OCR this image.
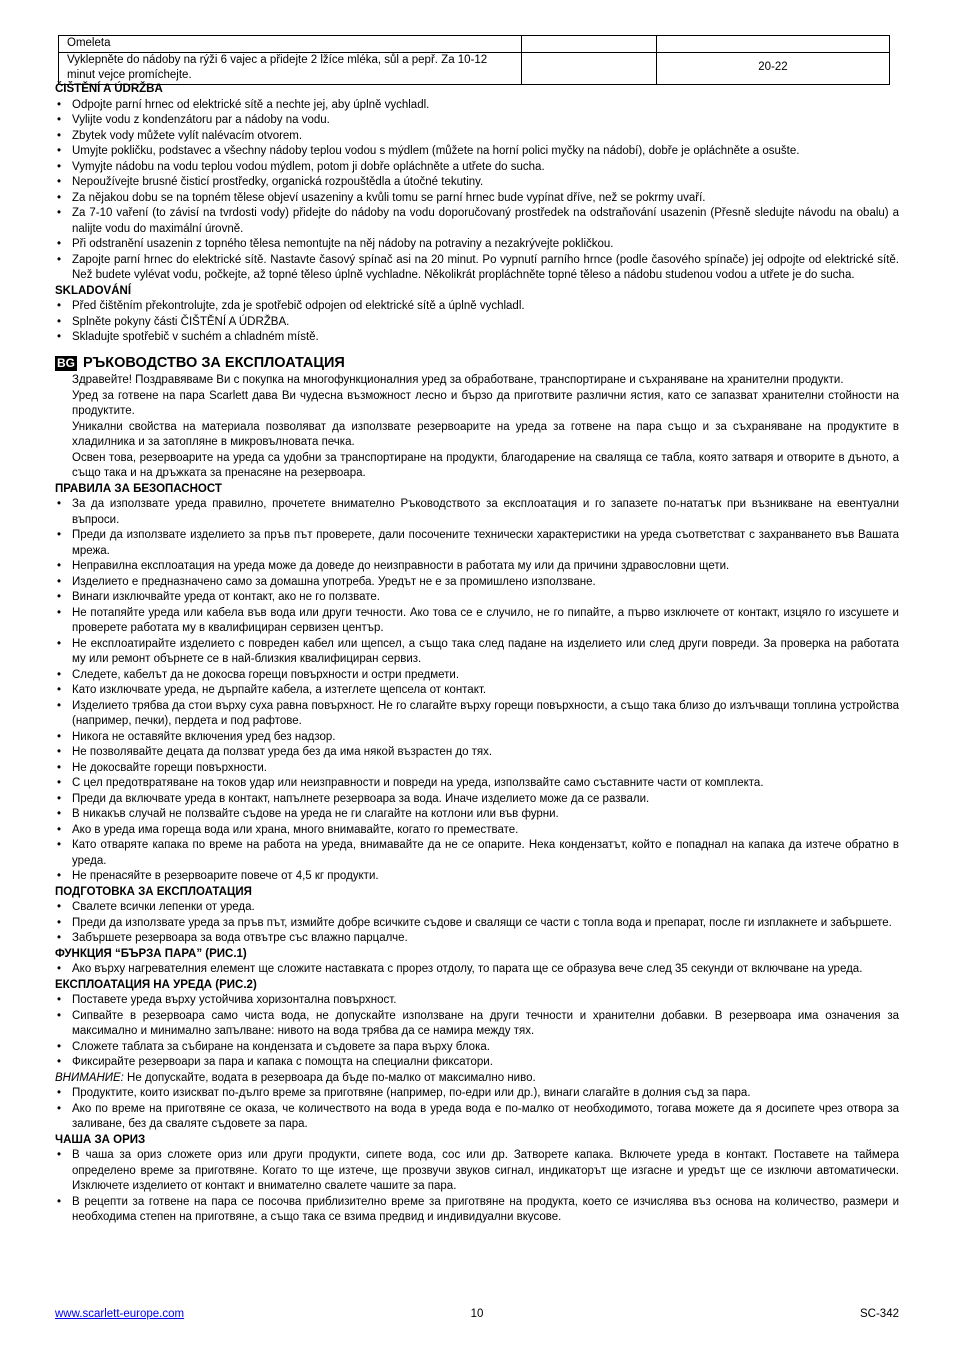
Omeleta		
Vyklepněte do nádoby na rýži 6 vajec a přidejte 2 lžíce mléka, sůl a pepř. Za 10-12 minut vejce promíchejte.		20-22

ČIŠTĚNÍ A ÚDRŽBA

• Odpojte parní hrnec od elektrické sítě a nechte jej, aby úplně vychladl.
• Vylijte vodu z kondenzátoru par a nádoby na vodu.
• Zbytek vody můžete vylít nalévacím otvorem.
• Umyjte pokličku, podstavec a všechny nádoby teplou vodou s mýdlem (můžete na horní polici myčky na nádobí), dobře je opláchněte a osušte.
• Vymyjte nádobu na vodu teplou vodou mýdlem, potom ji dobře opláchněte a utřete do sucha.
• Nepoužívejte brusné čisticí prostředky, organická rozpouštědla a útočné tekutiny.
• Za nějakou dobu se na topném tělese objeví usazeniny a kvůli tomu se parní hrnec bude vypínat dříve, než se pokrmy uvaří.
• Za 7-10 vaření (to závisí na tvrdosti vody) přidejte do nádoby na vodu doporučovaný prostředek na odstraňování usazenin (Přesně sledujte návodu na obalu) a nalijte vodu do maximální úrovně.
• Při odstranění usazenin z topného tělesa nemontujte na něj nádoby na potraviny a nezakrývejte pokličkou.
• Zapojte parní hrnec do elektrické sítě. Nastavte časový spínač asi na 20 minut. Po vypnutí parního hrnce (podle časového spínače) jej odpojte od elektrické sítě. Než budete vylévat vodu, počkejte, až topné těleso úplně vychladne. Několikrát propláchněte topné těleso a nádobu studenou vodou a utřete je do sucha.

SKLADOVÁNÍ

• Před čištěním překontrolujte, zda je spotřebič odpojen od elektrické sítě a úplně vychladl.
• Splněte pokyny části ČIŠTĚNÍ A ÚDRŽBA.
• Skladujte spotřebič v suchém a chladném místě.
BG РЪКОВОДСТВО ЗА ЕКСПЛОАТАЦИЯ

Здравейте! Поздравяваме Ви с покупка на многофункционалния уред за обработване, транспортиране и съхраняване на хранителни продукти.

Уред за готвене на пара Scarlett дава Ви чудесна възможност лесно и бързо да приготвите различни ястия, като се запазват хранителни стойности на продуктите.

Уникални свойства на материала позволяват да използвате резервоарите на уреда за готвене на пара също и за съхраняване на продуктите в хладилника и за затопляне в микровълновата печка.

Освен това, резервоарите на уреда са удобни за транспортиране на продукти, благодарение на сваляща се табла, която затваря и отворите в дъното, а също така и на дръжката за пренасяне на резервоара.

ПРАВИЛА ЗА БЕЗОПАСНОСТ

• За да използвате уреда правилно, прочетете внимателно Ръководството за експлоатация и го запазете по-нататък при възникване на евентуални въпроси.
• Преди да използвате изделието за пръв път проверете, дали посочените технически характеристики на уреда съответстват с захранването във Вашата мрежа.
• Неправилна експлоатация на уреда може да доведе до неизправности в работата му или да причини здравословни щети.
• Изделието е предназначено само за домашна употреба. Уредът не е за промишлено използване.
• Винаги изключвайте уреда от контакт, ако не го ползвате.
• Не потапяйте уреда или кабела във вода или други течности. Ако това се е случило, не го пипайте, а първо изключете от контакт, изцяло го изсушете и проверете работата му в квалифициран сервизен център.
• Не експлоатирайте изделието с повреден кабел или щепсел, а също така след падане на изделието или след други повреди. За проверка на работата му или ремонт обърнете се в най-близкия квалифициран сервиз.
• Следете, кабелът да не докосва горещи повърхности и остри предмети.
• Като изключвате уреда, не дърпайте кабела, а изтеглете щепсела от контакт.
• Изделието трябва да стои върху суха равна повърхност. Не го слагайте върху горещи повърхности, а също така близо до излъчващи топлина устройства (например, печки), пердета и под рафтове.
• Никога не оставяйте включения уред без надзор.
• Не позволявайте децата да ползват уреда без да има някой възрастен до тях.
• Не докосвайте горещи повърхности.
• С цел предотвратяване на токов удар или неизправности и повреди на уреда, използвайте само съставните части от комплекта.
• Преди да включвате уреда в контакт, напълнете резервоара за вода. Иначе изделието може да се развали.
• В никакъв случай не ползвайте съдове на уреда не ги слагайте на котлони или във фурни.
• Ако в уреда има гореща вода или храна, много внимавайте, когато го премествате.
• Като отваряте капака по време на работа на уреда, внимавайте да не се опарите. Нека кондензатът, който е попаднал на капака да изтече обратно в уреда.
• Не пренасяйте в резервоарите повече от 4,5 кг продукти.

ПОДГОТОВКА ЗА ЕКСПЛОАТАЦИЯ

• Свалете всички лепенки от уреда.
• Преди да използвате уреда за пръв път, измийте добре всичките съдове и свалящи се части с топла вода и препарат, после ги изплакнете и забършете.
• Забършете резервоара за вода отвътре със влажно парцалче.

ФУНКЦИЯ “БЪРЗА ПАРА” (РИС.1)

• Ако върху нагревателния елемент ще сложите наставката с прорез отдолу, то парата ще се образува вече след 35 секунди от включване на уреда.

ЕКСПЛОАТАЦИЯ НА УРЕДА (РИС.2)

• Поставете уреда върху устойчива хоризонтална повърхност.
• Сипвайте в резервоара само чиста вода, не допускайте използване на други течности и хранителни добавки. В резервоара има означения за максимално и минимално запълване: нивото на вода трябва да се намира между тях.
• Сложете таблата за събиране на кондензата и съдовете за пара върху блока.
• Фиксирайте резервоари за пара и капака с помощта на специални фиксатори.

ВНИМАНИЕ: Не допускайте, водата в резервоара да бъде по-малко от максимално ниво.

• Продуктите, които изискват по-дълго време за приготвяне (например, по-едри или др.), винаги слагайте в долния съд за пара.
• Ако по време на приготвяне се оказа, че количеството на вода в уреда вода е по-малко от необходимото, тогава можете да я досипете чрез отвора за заливане, без да сваляте съдовете за пара.

ЧАША ЗА ОРИЗ

• В чаша за ориз сложете ориз или други продукти, сипете вода, сос или др. Затворете капака. Включете уреда в контакт. Поставете на таймера определено време за приготвяне. Когато то ще изтече, ще прозвучи звуков сигнал, индикаторът ще изгасне и уредът ще се изключи автоматически. Изключете изделието от контакт и внимателно свалете чашите за пара.
• В рецепти за готвене на пара се посочва приблизително време за приготвяне на продукта, което се изчислява въз основа на количество, размери и необходима степен на приготвяне, а също така се взима предвид и индивидуални вкусове.
www.scarlett-europe.com	10	SC-342
